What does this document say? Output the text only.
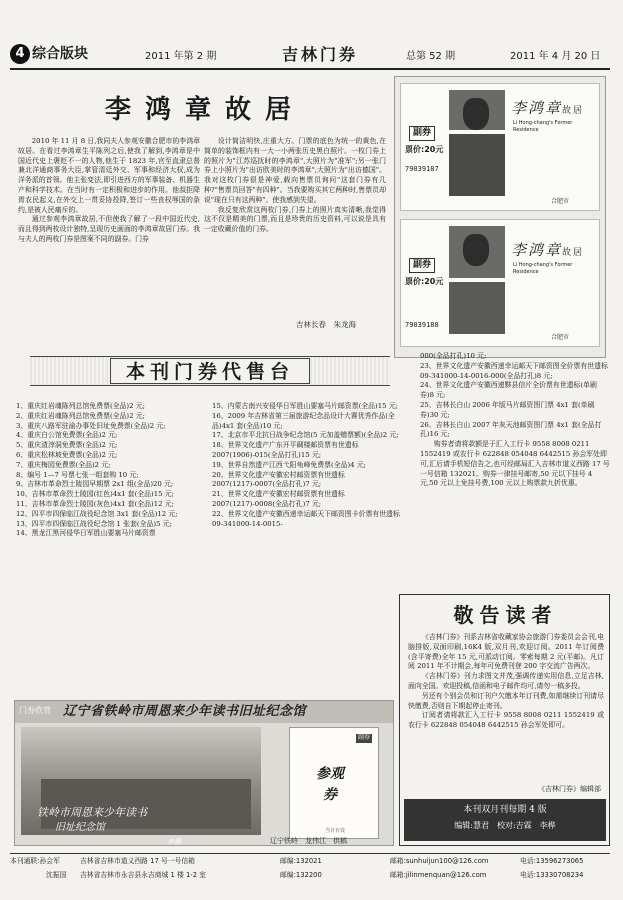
4 综合版块	2011 年第 2 期	吉林门券	总第 52 期	2011 年 4 月 20 日
李鸿章故居

2010 年 11 月 8 日,我同夫人参观安徽合肥市的李鸿章故居。在看过李鸿章生平陈列之后,使我了解到,李鸿章是中国近代史上褒贬不一的人物,他生于 1823 年,官至直隶总督兼北洋通商事务大臣,掌管清廷外交、军事和经济大权,成为洋务派的首领。他主张变法,即引进西方的军事装备、机器生产和科学技术。在当时有一定积极和进步的作用。他叔拒降胥农民起义,在外交上一贯妥协投降,签订一些丧权辱国的条约,是被人民痛斥的。

通过参观李鸿章故居,不但使我了解了一段中国近代史,而且得到两枚设计独特,呈现历史画面的李鸿章故居门券。我与夫人的两枚门券是图案不同的副券。门券

设计简洁明快,庄重大方。门票的底色为统一的黄色,在简单的装饰框内有一大一小两张历史黑白照片。一枚门券上的照片为"江苏巡抚时的李鸿章",大照片为"准军";另一张门券上小照片为"出访欧美时的李鸿章",大照片为"出访德国"。我对这枚门券很是神爱,载向售票员询问"这套门券有几种?"售票员回答"有四种"。当我要购买其它两种时,售票员却说"现在只有这两种"。使我感到失望。

我反复欣赏这两枚门券,门券上的照片真实清晰,我觉得这不仅是精美的门票,而且是珍贵的历史资料,可以说是具有一定收藏价值的门券。

吉林长春　朱龙海
李鸿章故居
Li Hong-chang's Former Residence
副券
票价:20元
79039187
合肥市
李鸿章故居
Li Hong-chang's Former Residence
副券
票价:20元
79039188
合肥市
本刊门券代售台

1、重庆红岩魂陈列总馆免费票(全品)2 元;

2、重庆红岩魂陈列总馆免费票(全品)2 元;

3、重庆八路军驻渝办事处旧址免费票(全品)2 元;

4、重庆白公馆免费票(全品)2 元;

5、重庆渣滓洞免费票(全品)2 元;

6、重庆松林坡免费票(全品)2 元;

7、重庆梅园免费票(全品)2 元;

8、编号 1—7 号票七张一组套购 10 元;

9、吉林市革命烈士陵园早期票 2x1 组(全品)20 元;

10、吉林市革命烈士陵园(红色)4x1 套(全品)15 元;

11、吉林市革命烈士陵园(灰色)4x1 套(全品)12 元;

12、四平市四保临江战役纪念馆 3x1 套(全品)12 元;

13、四平市四保临江战役纪念馆 1 张套(全品)5 元;

14、黑龙江黑河侵华日军胜山要塞马片邮资票

15、内蒙古南兴安侵华日军胜山要塞马片邮资票(全品)15 元;

16、2009 年吉林省第三届旅游纪念品设计大赛优秀作品(全品)4x1 套(全品)10 元;

17、北京市平北抗日战争纪念馆(5 元加盖赠票额)(全品)2 元;

18、世界文化遗产广东开平碉楼邮资票有世遗标 2007(1906)-015(全品打孔)15 元;

19、世界自然遗产江西弋阳龟峰免费票(全品)4 元;

20、世界文化遗产安徽宏村邮资票有世遗标 2007(1217)-0007(全品打孔)7 元;

21、世界文化遗产安徽宏村邮资票有世遗标 2007(1217)-0008(全品打孔)7 元;

22、世界文化遗产安徽西递幸运邮天下邮资图卡价票有世遗标 09-341000-14-0015-

000(全品打孔)10 元;

23、世界文化遗产安徽西递幸运邮天下邮资图全价票有世遗标 09-341000-14-0016-000(全品打孔)8 元;

24、世界文化遗产安徽西递黟县信片全价票有世遗标(单刷券)8 元;

25、吉林长白山 2006 年版马片邮资图门票 4x1 套(单刷券)30 元;

26、吉林长白山 2007 年灰天池邮资图门票 4x1 套(全品打孔)16 元;

购券者请将款额是于汇入工行卡 9558 8008 0211 1552419 或农行卡 622848 054048 6442515 孙会军处即可,汇后请手机短信告之,也可经邮局汇入吉林市道义西路 17 号一号信箱 132021。购券一律挂号邮寄,50 元以下挂号 4 元,50 元以上免挂号费,100 元以上购票款九折优惠。

敬告读者

《吉林门券》刊系吉林省收藏家协会旅游门券委员会会刊,电脑排版,双面印刷,16K4 版,双月刊,欢迎订阅。2011 年订阅费(含平寄费)全年 15 元,可派动订阅。零索每期 2 元(平邮)。凡订阅 2011 年不计期会,每年可免费刊登 200 字交流广告两次。

《吉林门券》刊力求图文并茂,强调传递实用信息,立足吉林,面向全国。欢迎投稿,信函和电子邮件均可,请勿一稿多投。

另还有个别会员和订刊户欠缴本年订刊费,如需继续订刊请尽快缴费,否则自下期起停止寄刊。

订阅者请将款汇入工行卡 9558 8008 0211 1552419 或农行卡 622848 054048 6442515 孙会军处即可。

《吉林门券》编辑部
本刊双月刊每期 4 版
编辑:慧君　校对:吉霖　李桦
门券欣赏 辽宁省铁岭市周恩来少年读书旧址纪念馆
铁岭市周恩来少年读书
旧址纪念馆
李鹏
副券
参观券
当日有效
辽宁铁岭　龙伟江　供稿
本刊通联:孙会军	吉林省吉林市道义西路 17 号一号信箱	邮编:132021	邮箱:sunhuijun100@126.com	电话:13596273065
沈振国 吉林省吉林市永吉县永吉商城 1 楼 1-2 室	邮编:132200	邮箱:jilinmenquan@126.com	电话:13330708234
